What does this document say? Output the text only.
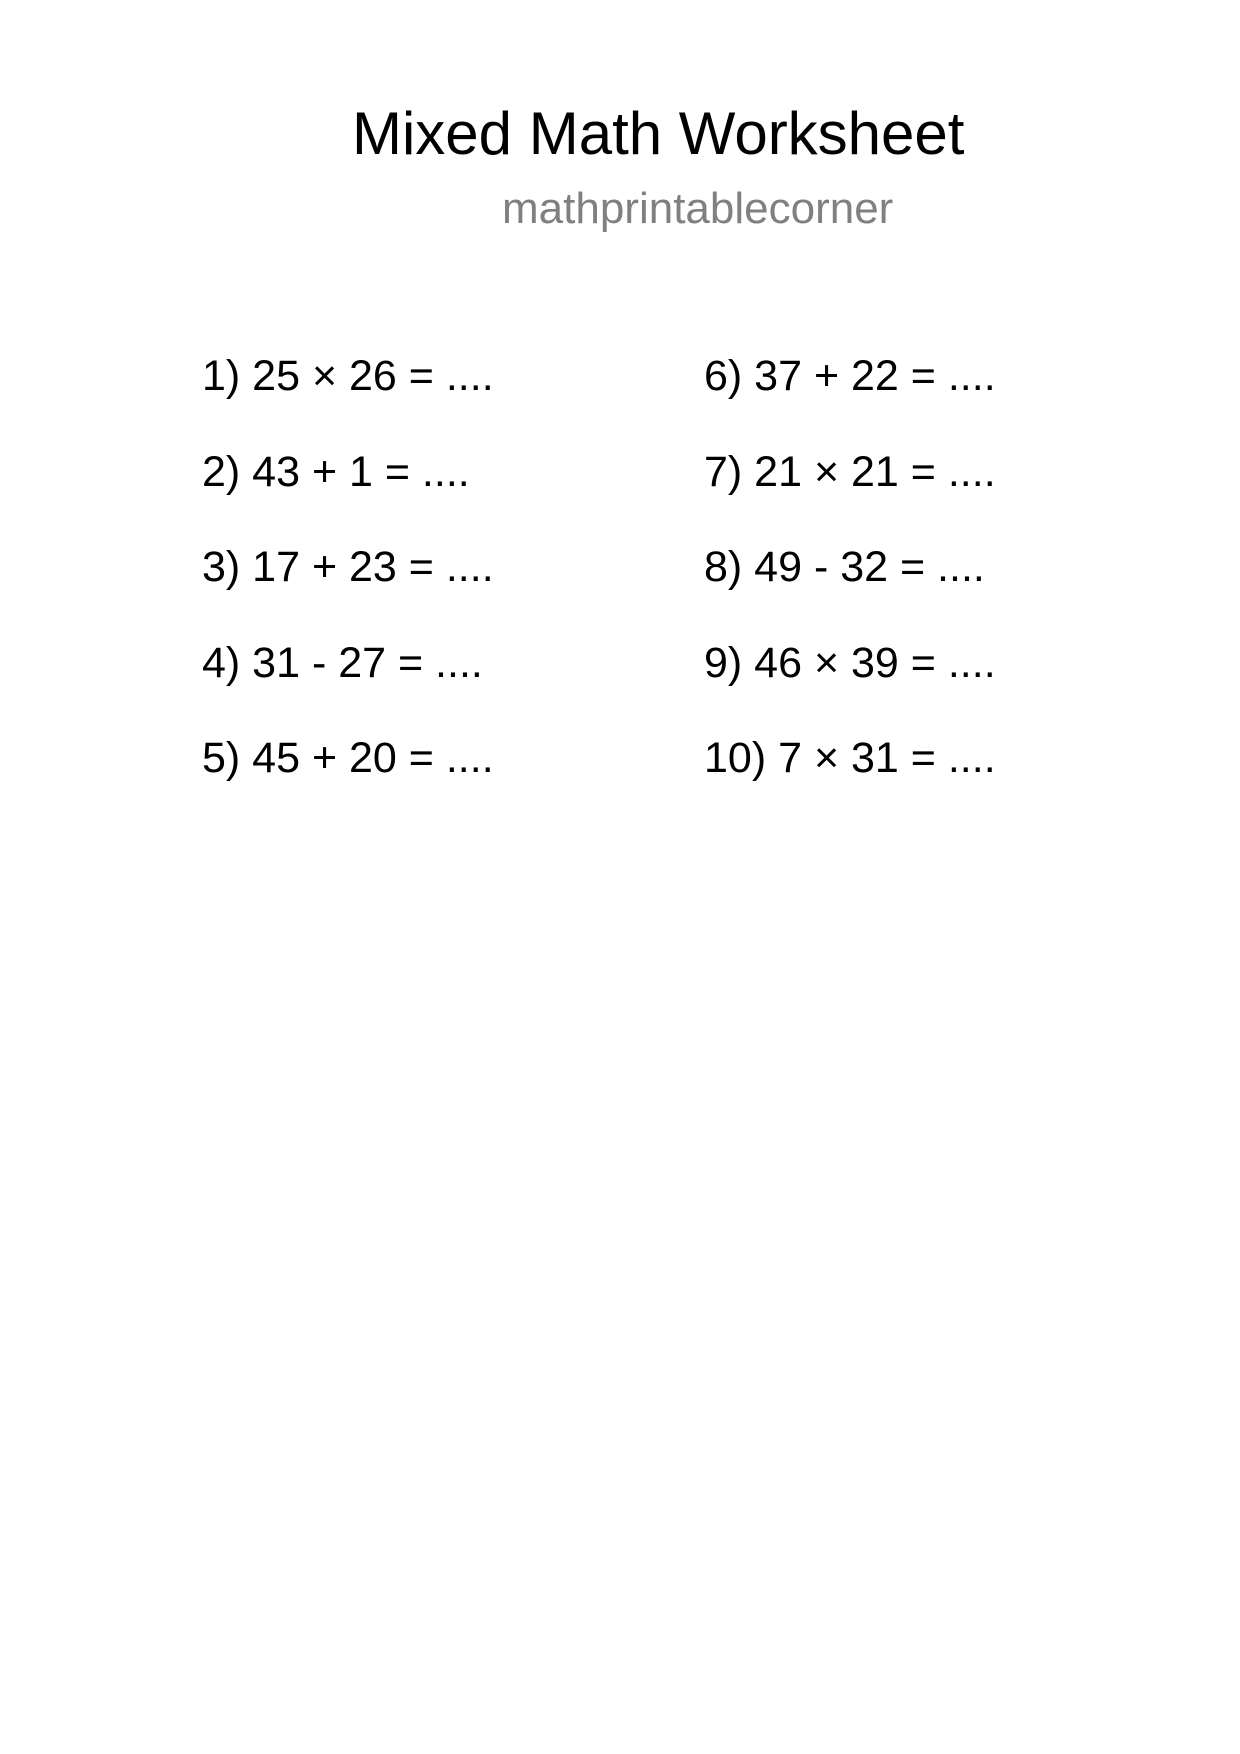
Mixed Math Worksheet
mathprintablecorner
1) 25 × 26 = ....
2) 43 + 1 = ....
3) 17 + 23 = ....
4) 31 - 27 = ....
5) 45 + 20 = ....
6) 37 + 22 = ....
7) 21 × 21 = ....
8) 49 - 32 = ....
9) 46 × 39 = ....
10) 7 × 31 = ....
